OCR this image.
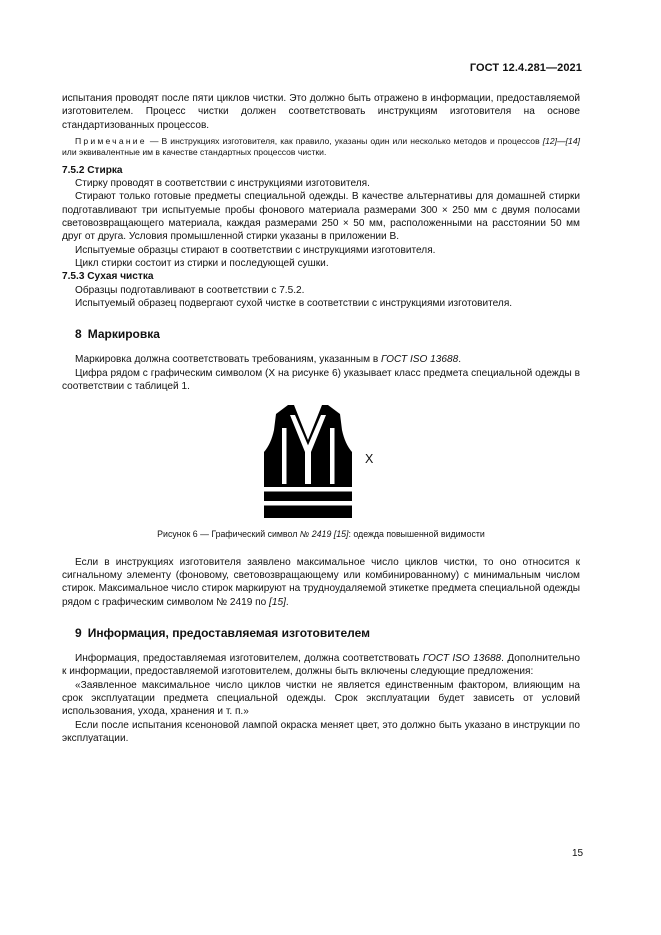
ГОСТ 12.4.281—2021

испытания проводят после пяти циклов чистки. Это должно быть отражено в информации, предоставляемой изготовителем. Процесс чистки должен соответствовать инструкциям изготовителя на основе стандартизованных процессов.

Примечание — В инструкциях изготовителя, как правило, указаны один или несколько методов и процессов [12]—[14] или эквивалентные им в качестве стандартных процессов чистки.

7.5.2 Стирка

Стирку проводят в соответствии с инструкциями изготовителя.

Стирают только готовые предметы специальной одежды. В качестве альтернативы для домашней стирки подготавливают три испытуемые пробы фонового материала размерами 300 × 250 мм с двумя полосами световозвращающего материала, каждая размерами 250 × 50 мм, расположенными на расстоянии 50 мм друг от друга. Условия промышленной стирки указаны в приложении В.

Испытуемые образцы стирают в соответствии с инструкциями изготовителя.

Цикл стирки состоит из стирки и последующей сушки.

7.5.3 Сухая чистка

Образцы подготавливают в соответствии с 7.5.2.

Испытуемый образец подвергают сухой чистке в соответствии с инструкциями изготовителя.

8 Маркировка

Маркировка должна соответствовать требованиям, указанным в ГОСТ ISO 13688.

Цифра рядом с графическим символом (X на рисунке 6) указывает класс предмета специальной одежды в соответствии с таблицей 1.

X

Рисунок 6 — Графический символ № 2419 [15]: одежда повышенной видимости

Если в инструкциях изготовителя заявлено максимальное число циклов чистки, то оно относится к сигнальному элементу (фоновому, световозвращающему или комбинированному) с минимальным числом стирок. Максимальное число стирок маркируют на трудноудаляемой этикетке предмета специальной одежды рядом с графическим символом № 2419 по [15].

9 Информация, предоставляемая изготовителем

Информация, предоставляемая изготовителем, должна соответствовать ГОСТ ISO 13688. Дополнительно к информации, предоставляемой изготовителем, должны быть включены следующие предложения:

«Заявленное максимальное число циклов чистки не является единственным фактором, влияющим на срок эксплуатации предмета специальной одежды. Срок эксплуатации будет зависеть от условий использования, ухода, хранения и т. п.»

Если после испытания ксеноновой лампой окраска меняет цвет, это должно быть указано в инструкции по эксплуатации.

15
